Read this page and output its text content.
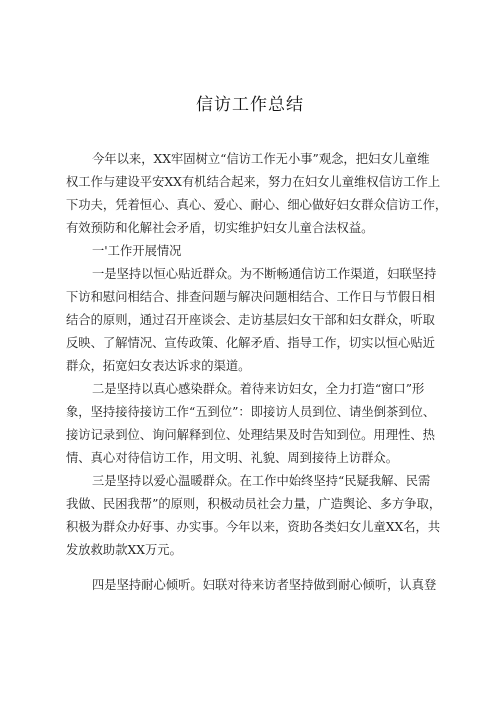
信访工作总结
今年以来，XX牢固树立“信访工作无小事”观念，把妇女儿童维
权工作与建设平安XX有机结合起来，努力在妇女儿童维权信访工作上
下功夫，凭着恒心、真心、爱心、耐心、细心做好妇女群众信访工作，
有效预防和化解社会矛盾，切实维护妇女儿童合法权益。
一'工作开展情况
一是坚持以恒心贴近群众。为不断畅通信访工作渠道，妇联坚持
下访和慰问相结合、排查问题与解决问题相结合、工作日与节假日相
结合的原则，通过召开座谈会、走访基层妇女干部和妇女群众，听取
反映、了解情况、宣传政策、化解矛盾、指导工作，切实以恒心贴近
群众，拓宽妇女表达诉求的渠道。
二是坚持以真心感染群众。着待来访妇女，全力打造“窗口”形
象，坚持接待接访工作“五到位”：即接访人员到位、请坐倒茶到位、
接访记录到位、询问解释到位、处理结果及时告知到位。用理性、热
情、真心对待信访工作，用文明、礼貌、周到接待上访群众。
三是坚持以爱心温暖群众。在工作中始终坚持“民疑我解、民需
我做、民困我帮”的原则，积极动员社会力量，广造舆论、多方争取，
积极为群众办好事、办实事。今年以来，资助各类妇女儿童XX名，共
发放救助款XX万元。
四是坚持耐心倾听。妇联对待来访者坚持做到耐心倾听，认真登
